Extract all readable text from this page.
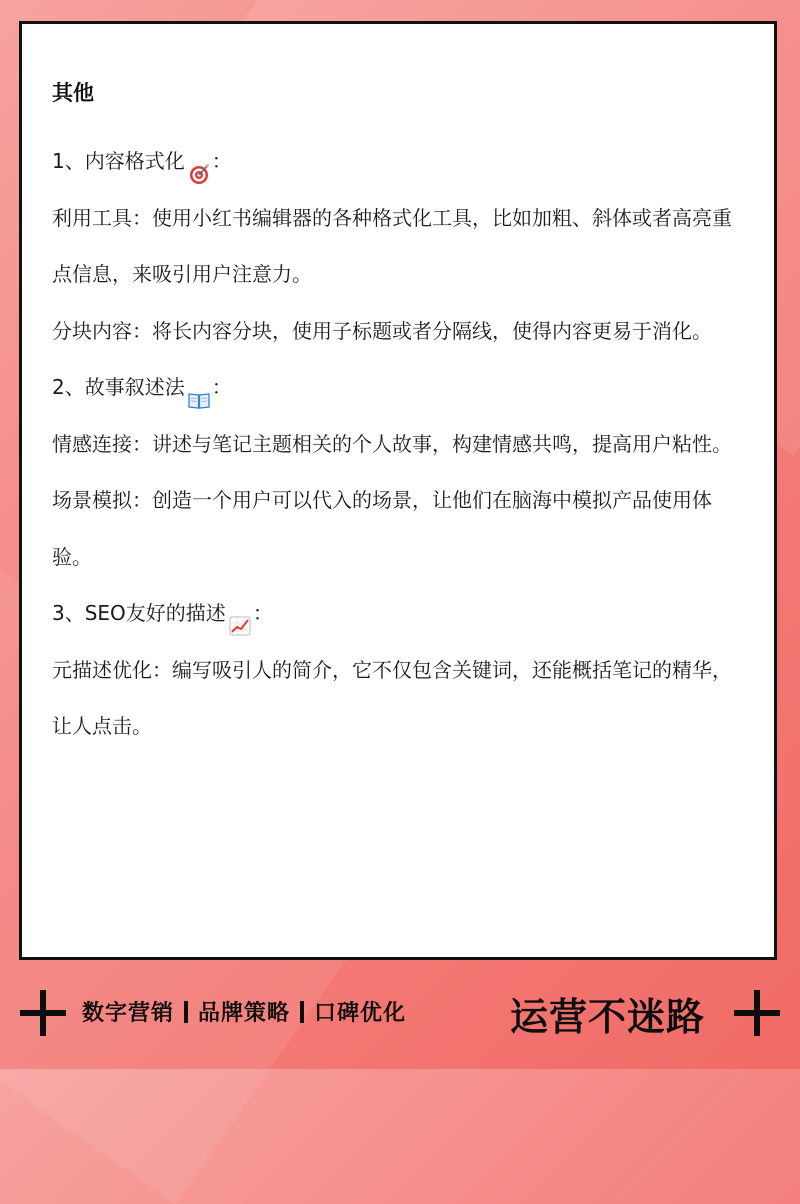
其他

1、内容格式化 ：

利用工具：使用小红书编辑器的各种格式化工具，比如加粗、斜体或者高亮重点信息，来吸引用户注意力。

分块内容：将长内容分块，使用子标题或者分隔线，使得内容更易于消化。

2、故事叙述法 ：

情感连接：讲述与笔记主题相关的个人故事，构建情感共鸣，提高用户粘性。

场景模拟：创造一个用户可以代入的场景，让他们在脑海中模拟产品使用体验。

3、SEO友好的描述 ：

元描述优化：编写吸引人的简介，它不仅包含关键词，还能概括笔记的精华，让人点击。

数字营销 品牌策略 口碑优化	运营不迷路
